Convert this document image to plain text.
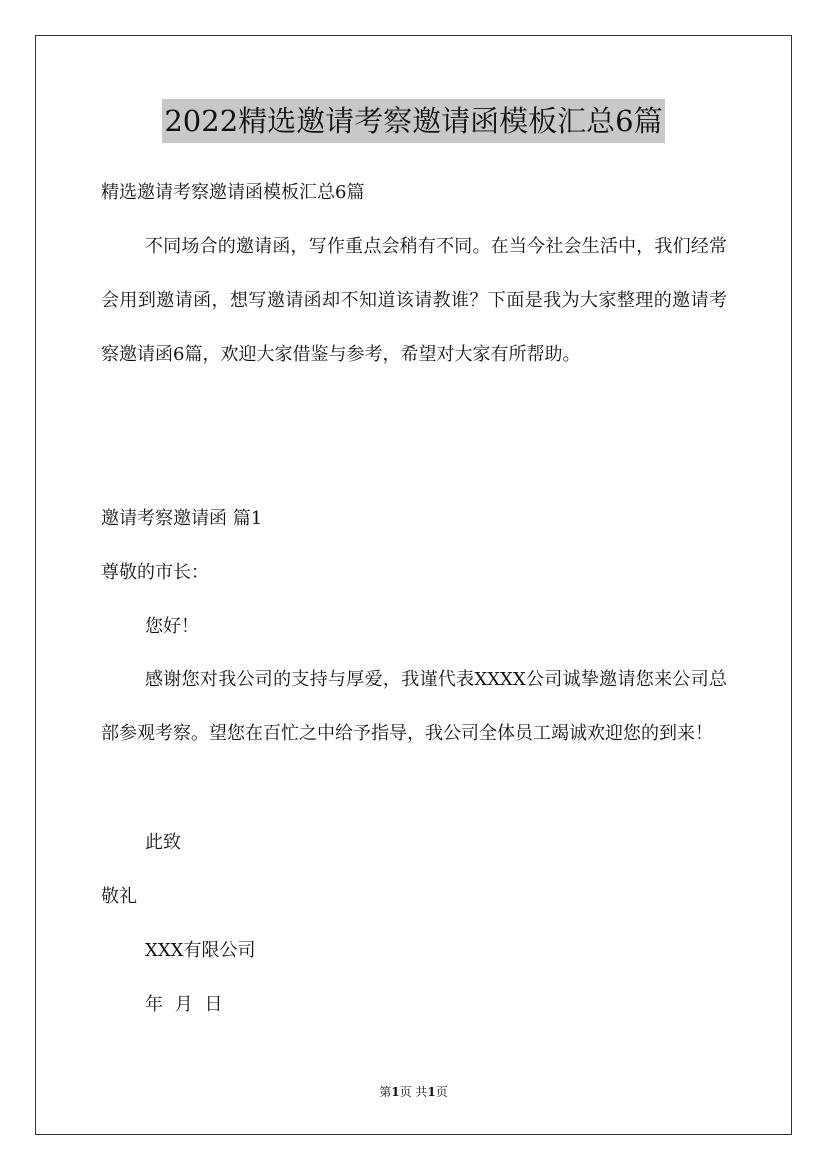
2022精选邀请考察邀请函模板汇总6篇
精选邀请考察邀请函模板汇总6篇

不同场合的邀请函，写作重点会稍有不同。在当今社会生活中，我们经常会用到邀请函，想写邀请函却不知道该请教谁？下面是我为大家整理的邀请考察邀请函6篇，欢迎大家借鉴与参考，希望对大家有所帮助。

邀请考察邀请函 篇1
尊敬的市长：
您好！

感谢您对我公司的支持与厚爱，我谨代表XXXX公司诚挚邀请您来公司总部参观考察。望您在百忙之中给予指导，我公司全体员工竭诚欢迎您的到来！

此致
敬礼
XXX有限公司
年 月 日
第1页 共1页
